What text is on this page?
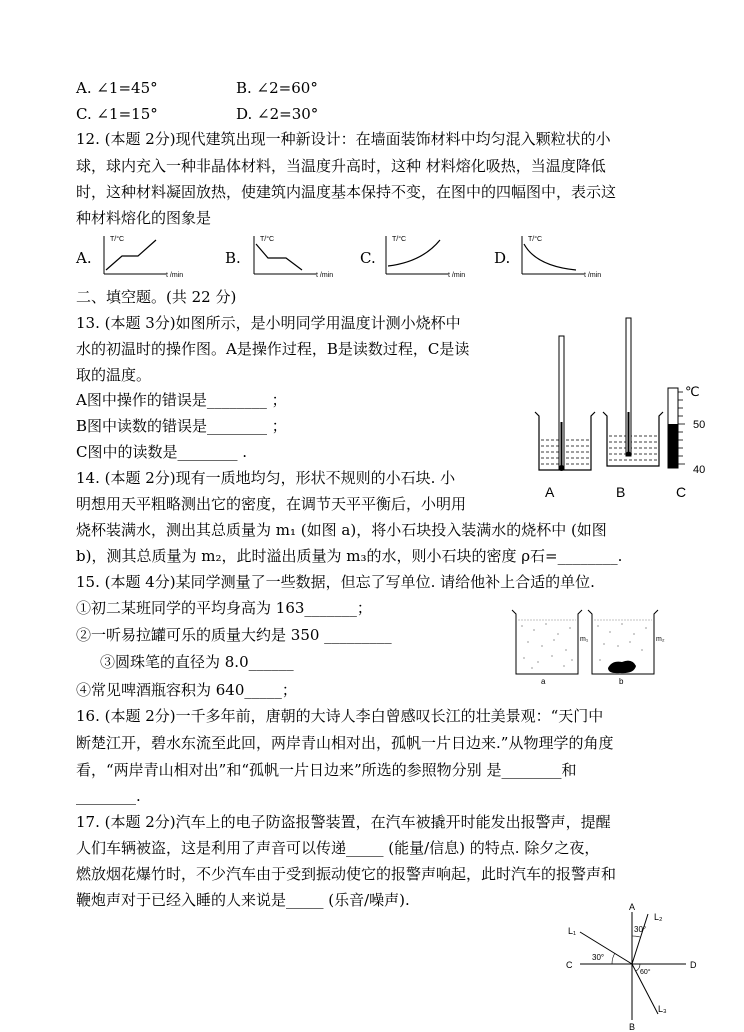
A. ∠1=45°	B. ∠2=60°
C. ∠1=15°	D. ∠2=30°
12. (本题 2分)现代建筑出现一种新设计：在墙面装饰材料中均匀混入颗粒状的小
球，球内充入一种非晶体材料，当温度升高时，这种 材料熔化吸热，当温度降低
时，这种材料凝固放热，使建筑内温度基本保持不变，在图中的四幅图中，表示这
种材料熔化的图象是
A.
T/°C
t /min
B.
T/°C
t /min
C.
T/°C
t /min
D.
T/°C
t /min
二、填空题。(共 22 分)
13. (本题 3分)如图所示，是小明同学用温度计测小烧杯中
水的初温时的操作图。A是操作过程，B是读数过程，C是读
取的温度。
A图中操作的错误是________ ；
B图中读数的错误是________ ；
C图中的读数是________ .
℃
50
40
A	B	C
14. (本题 2分)现有一质地均匀，形状不规则的小石块. 小
明想用天平粗略测出它的密度，在调节天平平衡后，小明用
烧杯装满水，测出其总质量为 m₁ (如图 a)，将小石块投入装满水的烧杯中 (如图
b)，测其总质量为 m₂，此时溢出质量为 m₃的水，则小石块的密度 ρ石=________.
15. (本题 4分)某同学测量了一些数据，但忘了写单位. 请给他补上合适的单位.
①初二某班同学的平均身高为 163_______；
②一听易拉罐可乐的质量大约是 350 _________
③圆珠笔的直径为 8.0______
④常见啤酒瓶容积为 640_____；
m₁	m₂
a	b
16. (本题 2分)一千多年前，唐朝的大诗人李白曾感叹长江的壮美景观：“天门中
断楚江开，碧水东流至此回，两岸青山相对出，孤帆一片日边来.”从物理学的角度
看，“两岸青山相对出”和“孤帆一片日边来”所选的参照物分别 是________和
________.
17. (本题 2分)汽车上的电子防盗报警装置，在汽车被撬开时能发出报警声，提醒
人们车辆被盗，这是利用了声音可以传递_____ (能量/信息) 的特点. 除夕之夜，
燃放烟花爆竹时，不少汽车由于受到振动使它的报警声响起，此时汽车的报警声和
鞭炮声对于已经入睡的人来说是_____ (乐音/噪声).	A
B
C	D
L₁
L₂
L₃
30°
30°
60°
